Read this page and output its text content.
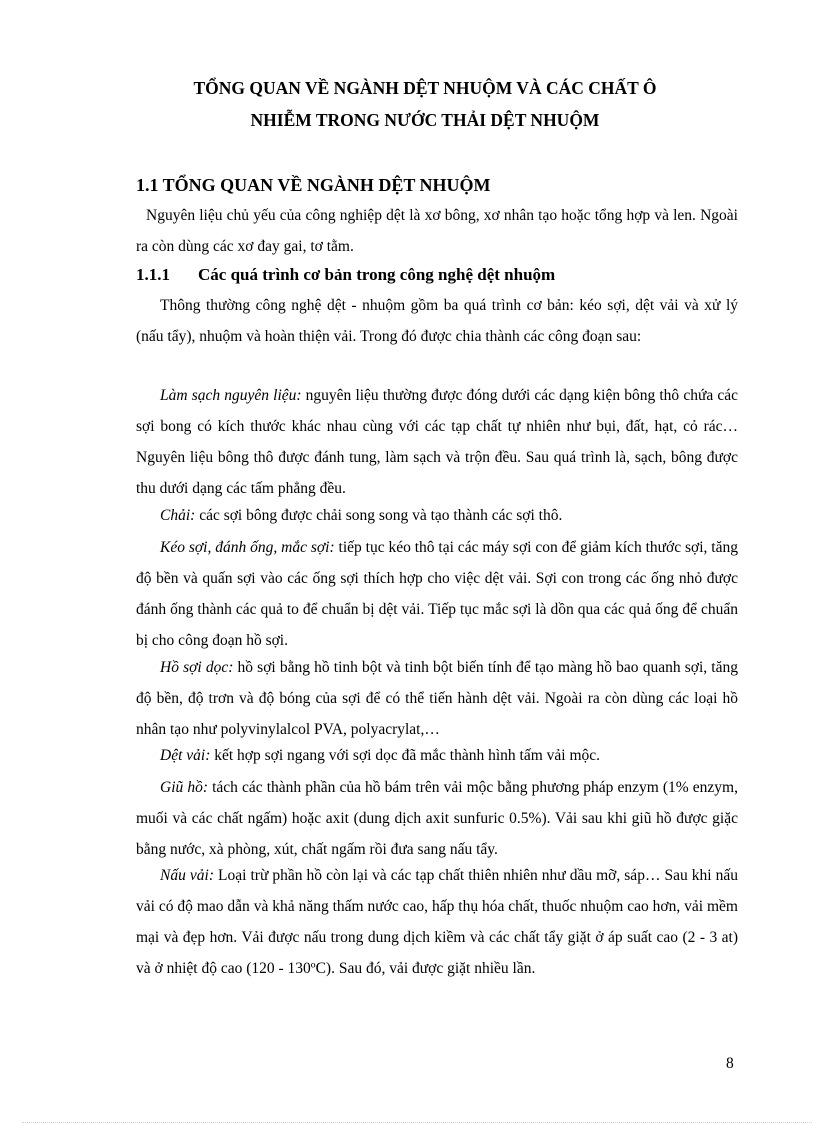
TỔNG QUAN VỀ NGÀNH DỆT NHUỘM VÀ CÁC CHẤT Ô
NHIỄM TRONG NƯỚC THẢI DỆT NHUỘM
1.1 TỔNG QUAN VỀ NGÀNH DỆT NHUỘM

Nguyên liệu chủ yếu của công nghiệp dệt là xơ bông, xơ nhân tạo hoặc tổng hợp và len. Ngoài ra còn dùng các xơ đay gai, tơ tằm.

1.1.1 Các quá trình cơ bản trong công nghệ dệt nhuộm

Thông thường công nghệ dệt - nhuộm gồm ba quá trình cơ bản: kéo sợi, dệt vải và xử lý (nấu tẩy), nhuộm và hoàn thiện vải. Trong đó được chia thành các công đoạn sau:

Làm sạch nguyên liệu: nguyên liệu thường được đóng dưới các dạng kiện bông thô chứa các sợi bong có kích thước khác nhau cùng với các tạp chất tự nhiên như bụi, đất, hạt, cỏ rác… Nguyên liệu bông thô được đánh tung, làm sạch và trộn đều. Sau quá trình là, sạch, bông được thu dưới dạng các tấm phẳng đều.

Chải: các sợi bông được chải song song và tạo thành các sợi thô.

Kéo sợi, đánh ống, mắc sợi: tiếp tục kéo thô tại các máy sợi con để giảm kích thước sợi, tăng độ bền và quấn sợi vào các ống sợi thích hợp cho việc dệt vải. Sợi con trong các ống nhỏ được đánh ống thành các quả to để chuẩn bị dệt vải. Tiếp tục mắc sợi là dồn qua các quả ống để chuẩn bị cho công đoạn hồ sợi.

Hồ sợi dọc: hồ sợi bằng hồ tinh bột và tinh bột biến tính để tạo màng hồ bao quanh sợi, tăng độ bền, độ trơn và độ bóng của sợi để có thể tiến hành dệt vải. Ngoài ra còn dùng các loại hồ nhân tạo như polyvinylalcol PVA, polyacrylat,…

Dệt vải: kết hợp sợi ngang với sợi dọc đã mắc thành hình tấm vải mộc.

Giũ hồ: tách các thành phần của hồ bám trên vải mộc bằng phương pháp enzym (1% enzym, muối và các chất ngấm) hoặc axit (dung dịch axit sunfuric 0.5%). Vải sau khi giũ hồ được giặc bằng nước, xà phòng, xút, chất ngấm rồi đưa sang nấu tẩy.

Nấu vải: Loại trừ phần hồ còn lại và các tạp chất thiên nhiên như dầu mỡ, sáp… Sau khi nấu vải có độ mao dẫn và khả năng thấm nước cao, hấp thụ hóa chất, thuốc nhuộm cao hơn, vải mềm mại và đẹp hơn. Vải được nấu trong dung dịch kiềm và các chất tẩy giặt ở áp suất cao (2 - 3 at) và ở nhiệt độ cao (120 - 130ºC). Sau đó, vải được giặt nhiều lần.

8
